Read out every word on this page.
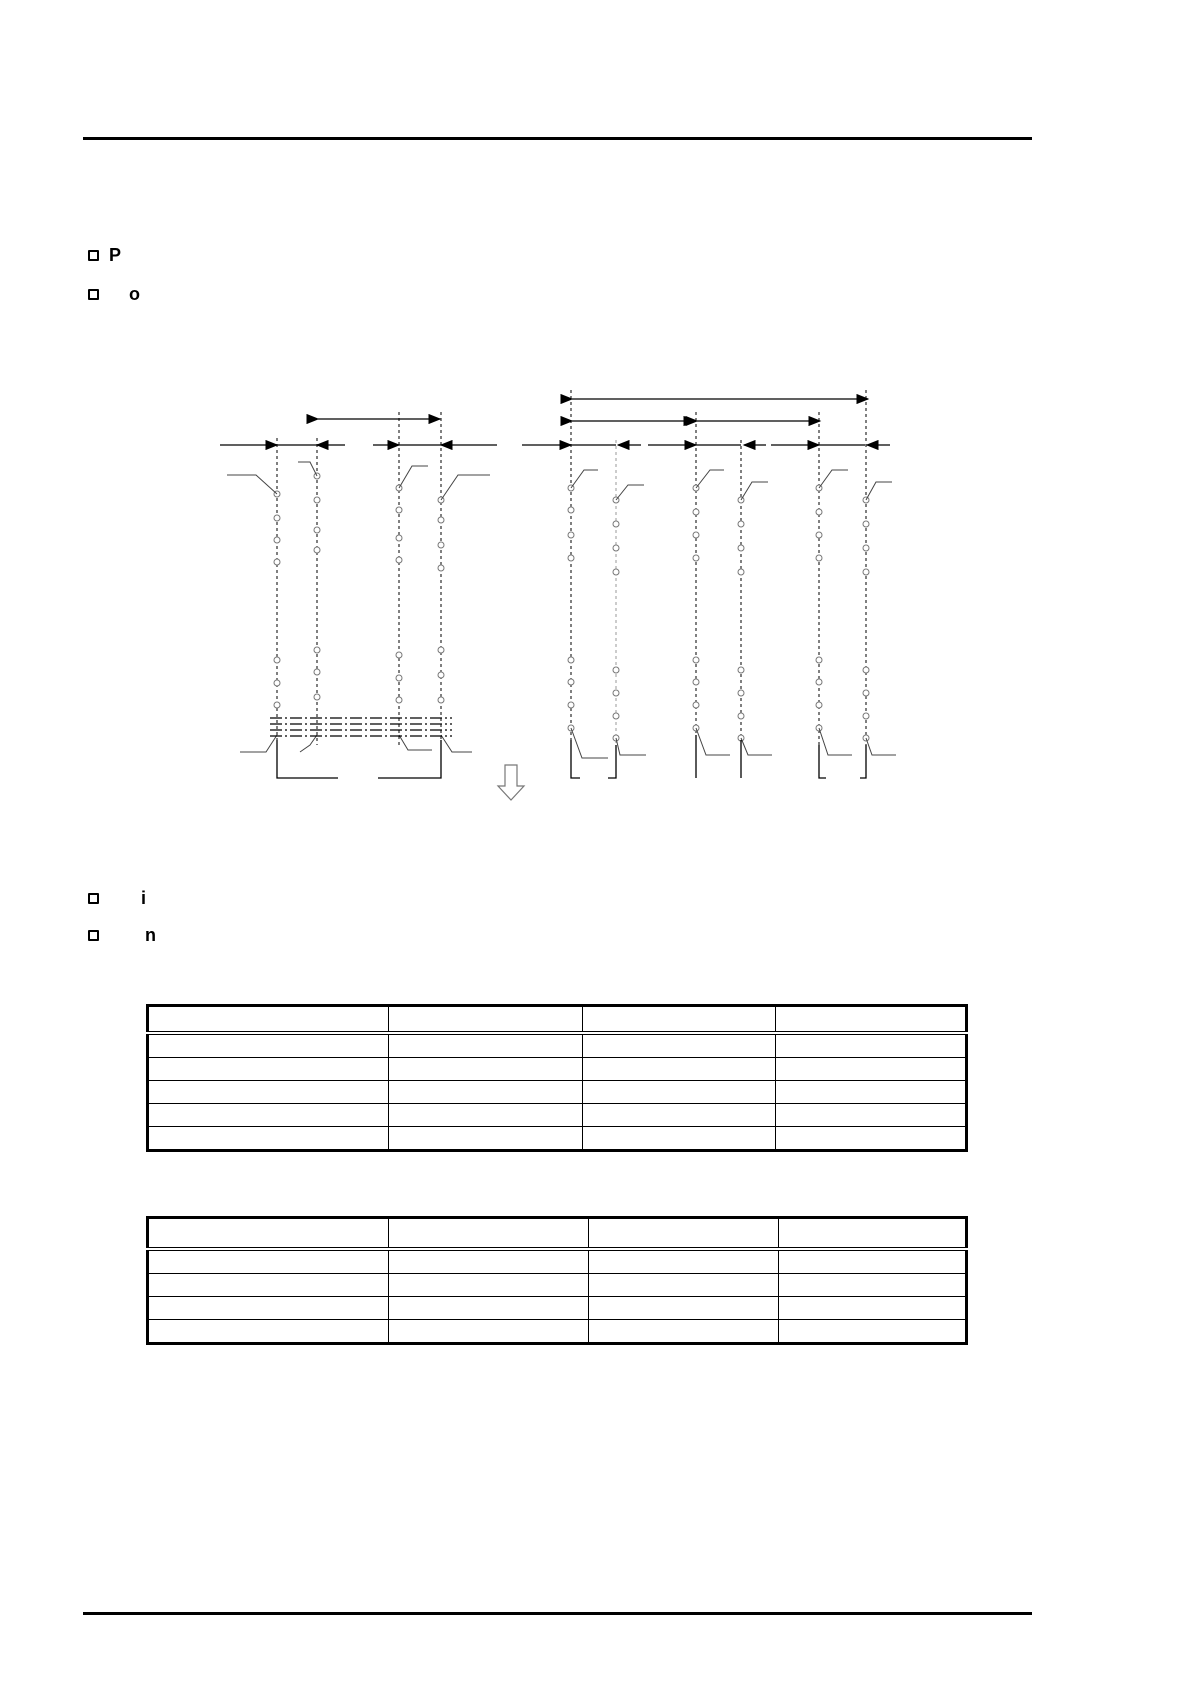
P
o
i
n
